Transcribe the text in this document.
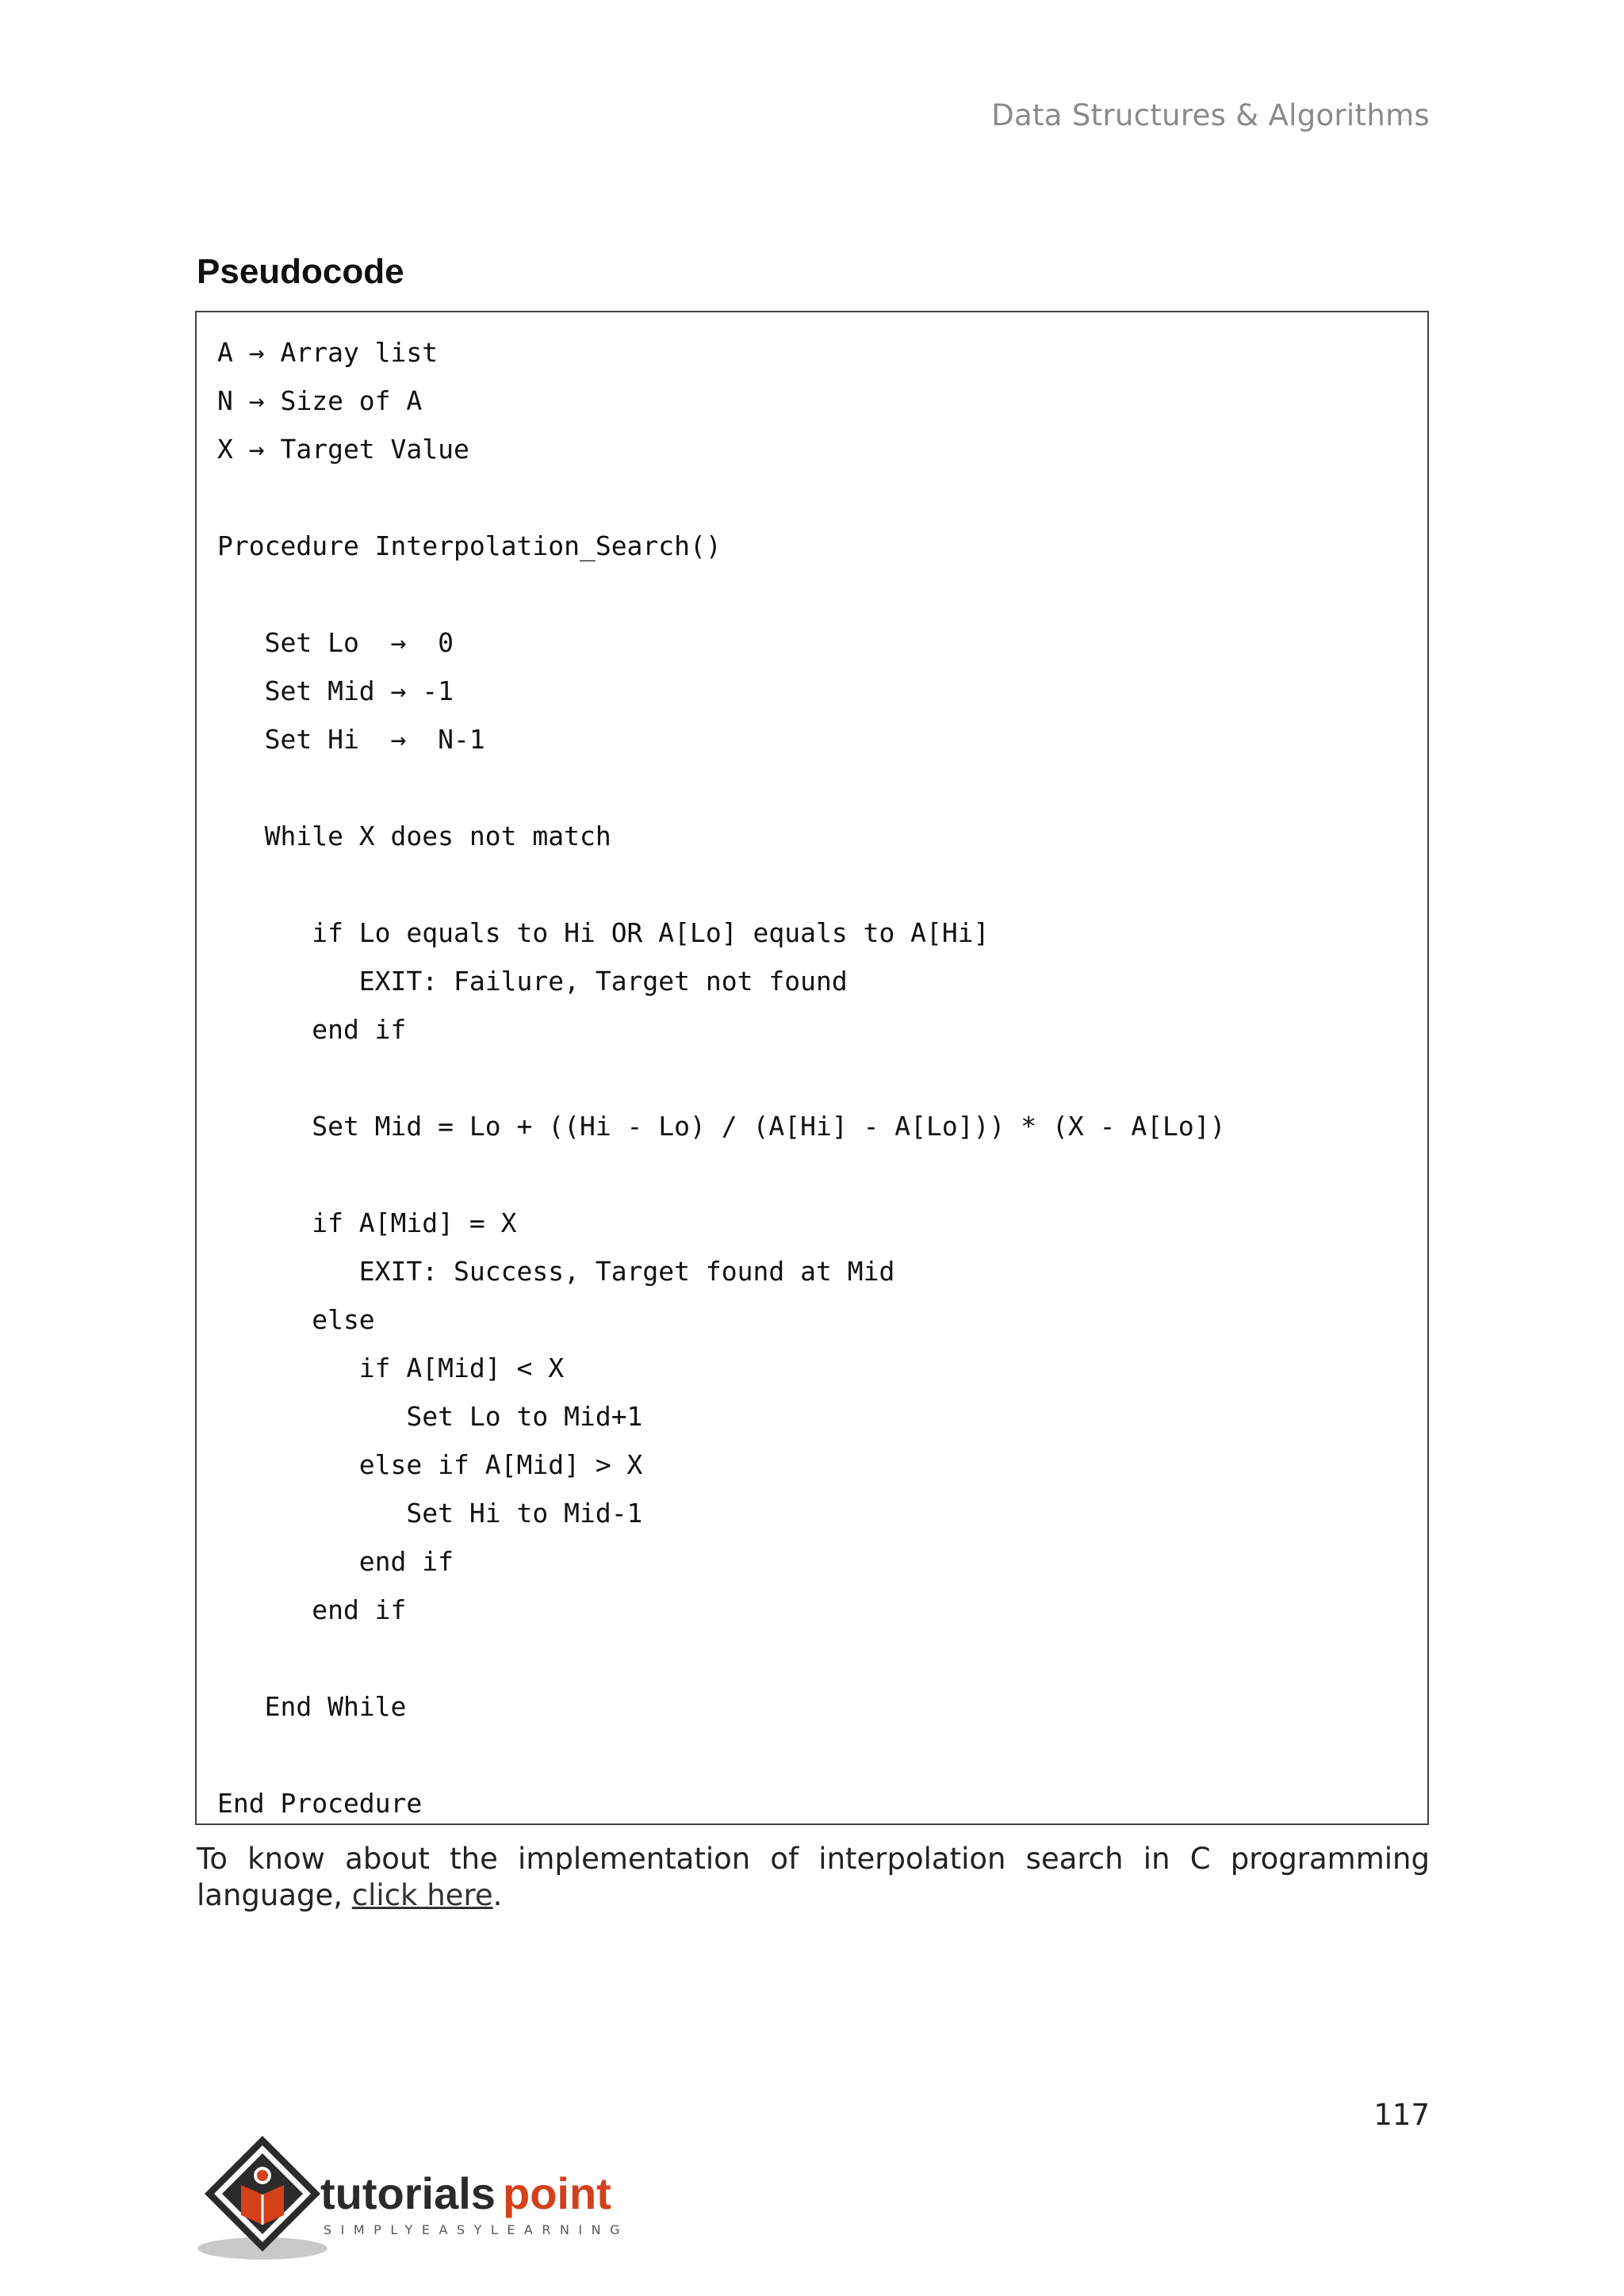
Data Structures & Algorithms
Pseudocode
A → Array list
N → Size of A
X → Target Value
Procedure Interpolation_Search()
Set Lo  →  0
Set Mid → -1
Set Hi  →  N-1
While X does not match
if Lo equals to Hi OR A[Lo] equals to A[Hi]
EXIT: Failure, Target not found
end if
Set Mid = Lo + ((Hi - Lo) / (A[Hi] - A[Lo])) * (X - A[Lo])
if A[Mid] = X
EXIT: Success, Target found at Mid
else
if A[Mid] < X
Set Lo to Mid+1
else if A[Mid] > X
Set Hi to Mid-1
end if
end if
End While
End Procedure
To know about the implementation of interpolation search in C programming language, click here.
117
tutorials point
SIMPLYEASYLEARNING
